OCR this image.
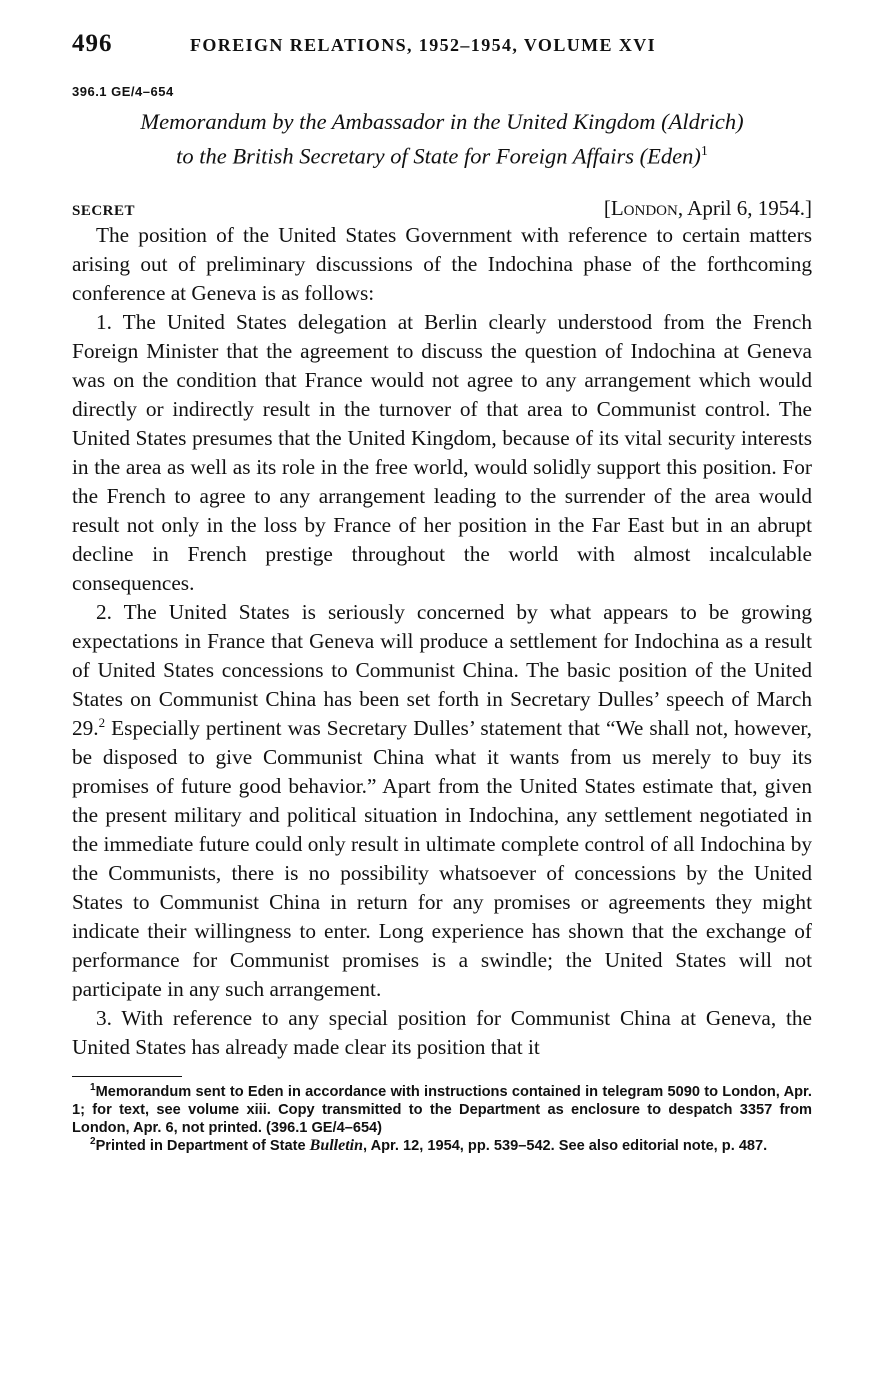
496	FOREIGN RELATIONS, 1952–1954, VOLUME XVI
396.1 GE/4–654
Memorandum by the Ambassador in the United Kingdom (Aldrich)
to the British Secretary of State for Foreign Affairs (Eden)$^1$
SECRET	[London, April 6, 1954.]

The position of the United States Government with reference to certain matters arising out of preliminary discussions of the Indochina phase of the forthcoming conference at Geneva is as follows:

1. The United States delegation at Berlin clearly understood from the French Foreign Minister that the agreement to discuss the question of Indochina at Geneva was on the condition that France would not agree to any arrangement which would directly or indirectly result in the turnover of that area to Communist control. The United States presumes that the United Kingdom, because of its vital security interests in the area as well as its role in the free world, would solidly support this position. For the French to agree to any arrangement leading to the surrender of the area would result not only in the loss by France of her position in the Far East but in an abrupt decline in French prestige throughout the world with almost incalculable consequences.

2. The United States is seriously concerned by what appears to be growing expectations in France that Geneva will produce a settlement for Indochina as a result of United States concessions to Communist China. The basic position of the United States on Communist China has been set forth in Secretary Dulles’ speech of March 29.$^2$ Especially pertinent was Secretary Dulles’ statement that “We shall not, however, be disposed to give Communist China what it wants from us merely to buy its promises of future good behavior.” Apart from the United States estimate that, given the present military and political situation in Indochina, any settlement negotiated in the immediate future could only result in ultimate complete control of all Indochina by the Communists, there is no possibility whatsoever of concessions by the United States to Communist China in return for any promises or agreements they might indicate their willingness to enter. Long experience has shown that the exchange of performance for Communist promises is a swindle; the United States will not participate in any such arrangement.

3. With reference to any special position for Communist China at Geneva, the United States has already made clear its position that it

$^1$Memorandum sent to Eden in accordance with instructions contained in telegram 5090 to London, Apr. 1; for text, see volume xiii. Copy transmitted to the Department as enclosure to despatch 3357 from London, Apr. 6, not printed. (396.1 GE/4–654)

$^2$Printed in Department of State Bulletin, Apr. 12, 1954, pp. 539–542. See also editorial note, p. 487.
